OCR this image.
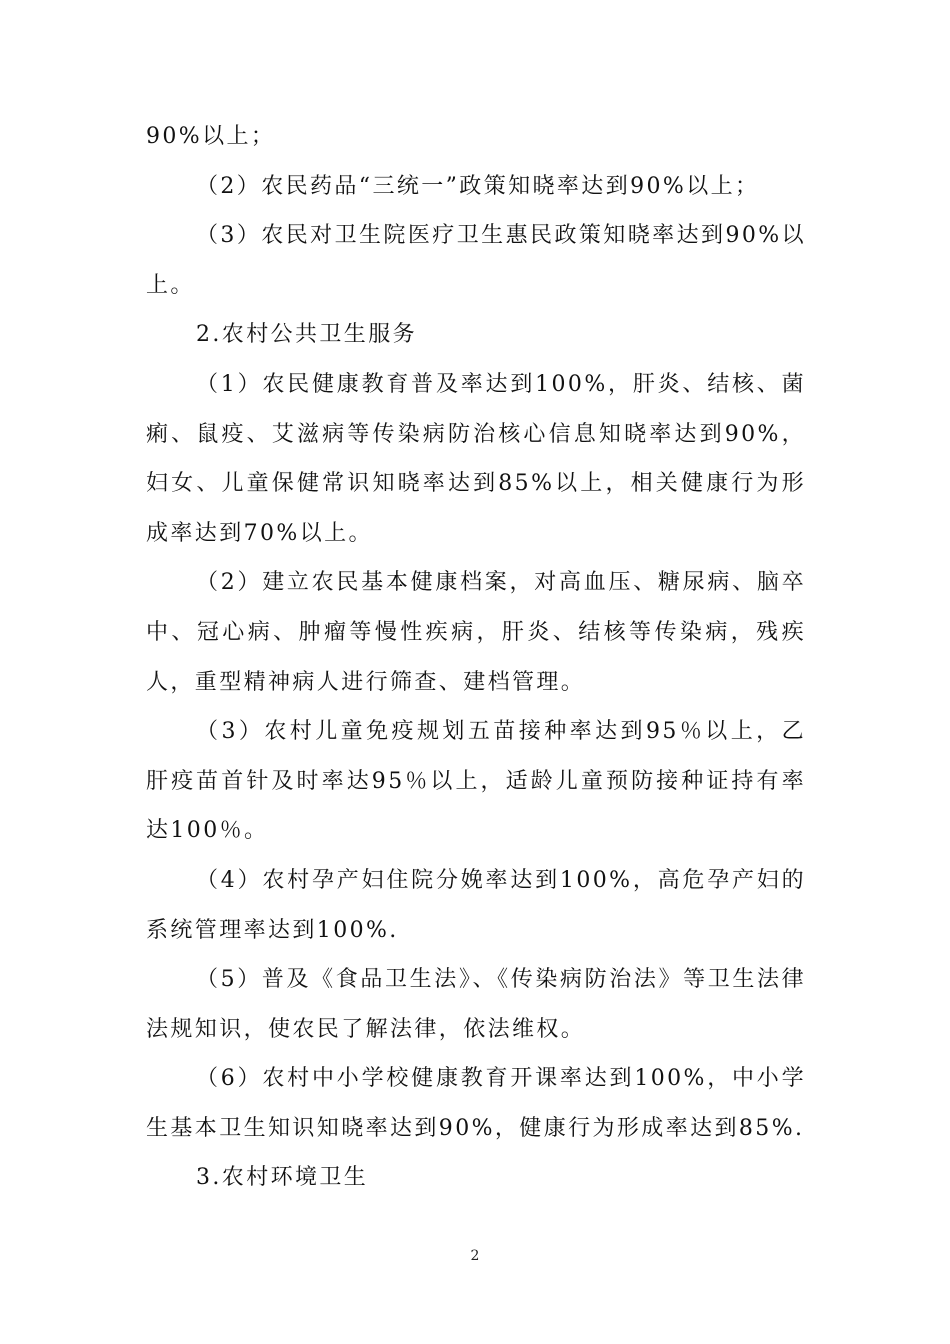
90%以上；

（2）农民药品“三统一”政策知晓率达到90%以上；

（3）农民对卫生院医疗卫生惠民政策知晓率达到90%以上。

2.农村公共卫生服务

（1）农民健康教育普及率达到100%，肝炎、结核、菌痢、鼠疫、艾滋病等传染病防治核心信息知晓率达到90%，妇女、儿童保健常识知晓率达到85%以上，相关健康行为形成率达到70%以上。

（2）建立农民基本健康档案，对高血压、糖尿病、脑卒中、冠心病、肿瘤等慢性疾病，肝炎、结核等传染病，残疾人，重型精神病人进行筛查、建档管理。

（3）农村儿童免疫规划五苗接种率达到95％以上，乙肝疫苗首针及时率达95％以上，适龄儿童预防接种证持有率达100％。

（4）农村孕产妇住院分娩率达到100%，高危孕产妇的系统管理率达到100%.

（5）普及《食品卫生法》、《传染病防治法》等卫生法律法规知识，使农民了解法律，依法维权。

（6）农村中小学校健康教育开课率达到100%，中小学生基本卫生知识知晓率达到90%，健康行为形成率达到85%.

3.农村环境卫生

2
